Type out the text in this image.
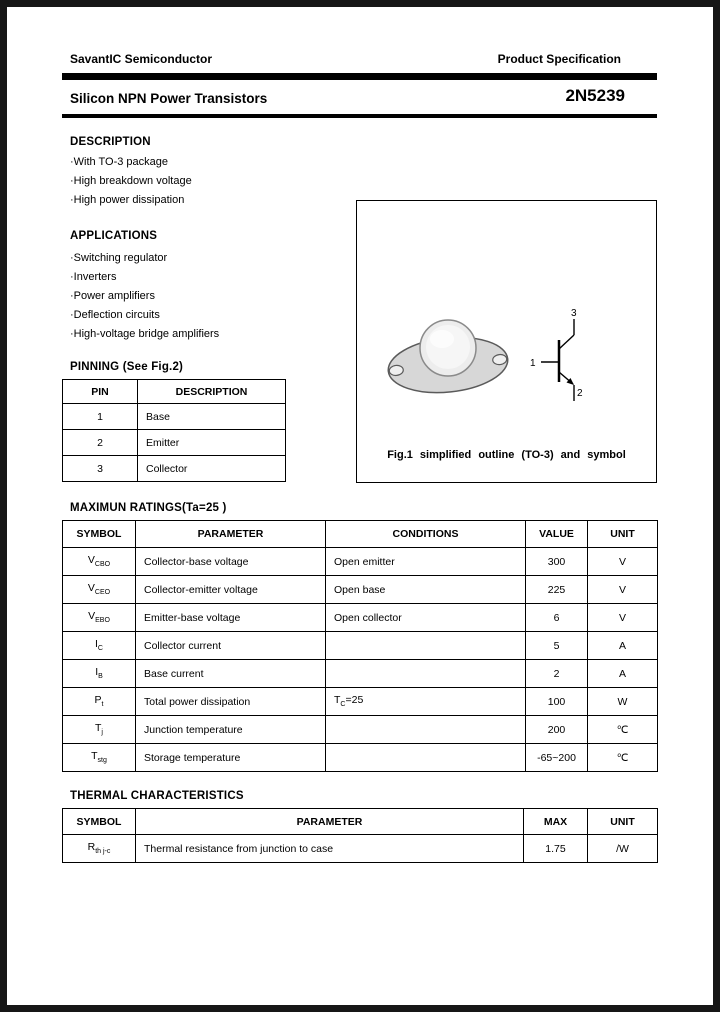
SavantIC Semiconductor	Product Specification
Silicon NPN Power Transistors	2N5239
DESCRIPTION
·With TO-3 package
·High breakdown voltage
·High power dissipation
APPLICATIONS
·Switching regulator
·Inverters
·Power amplifiers
·Deflection circuits
·High-voltage bridge amplifiers
PINNING (See Fig.2)
PIN	DESCRIPTION
1	Base
2	Emitter
3	Collector
1
3
2
Fig.1 simplified outline (TO-3) and symbol
MAXIMUN RATINGS(Ta=25 )
SYMBOL	PARAMETER	CONDITIONS	VALUE	UNIT
$V_{CBO}$	Collector-base voltage	Open emitter	300	V
$V_{CEO}$	Collector-emitter voltage	Open base	225	V
$V_{EBO}$	Emitter-base voltage	Open collector	6	V
$I_C$	Collector current		5	A
$I_B$	Base current		2	A
$P_t$	Total power dissipation	$T_C=25$	100	W
$T_j$	Junction temperature		200	℃
$T_{stg}$	Storage temperature		-65~200	℃
THERMAL CHARACTERISTICS
SYMBOL	PARAMETER	MAX	UNIT
$R_{th j-c}$	Thermal resistance from junction to case	1.75	/W
